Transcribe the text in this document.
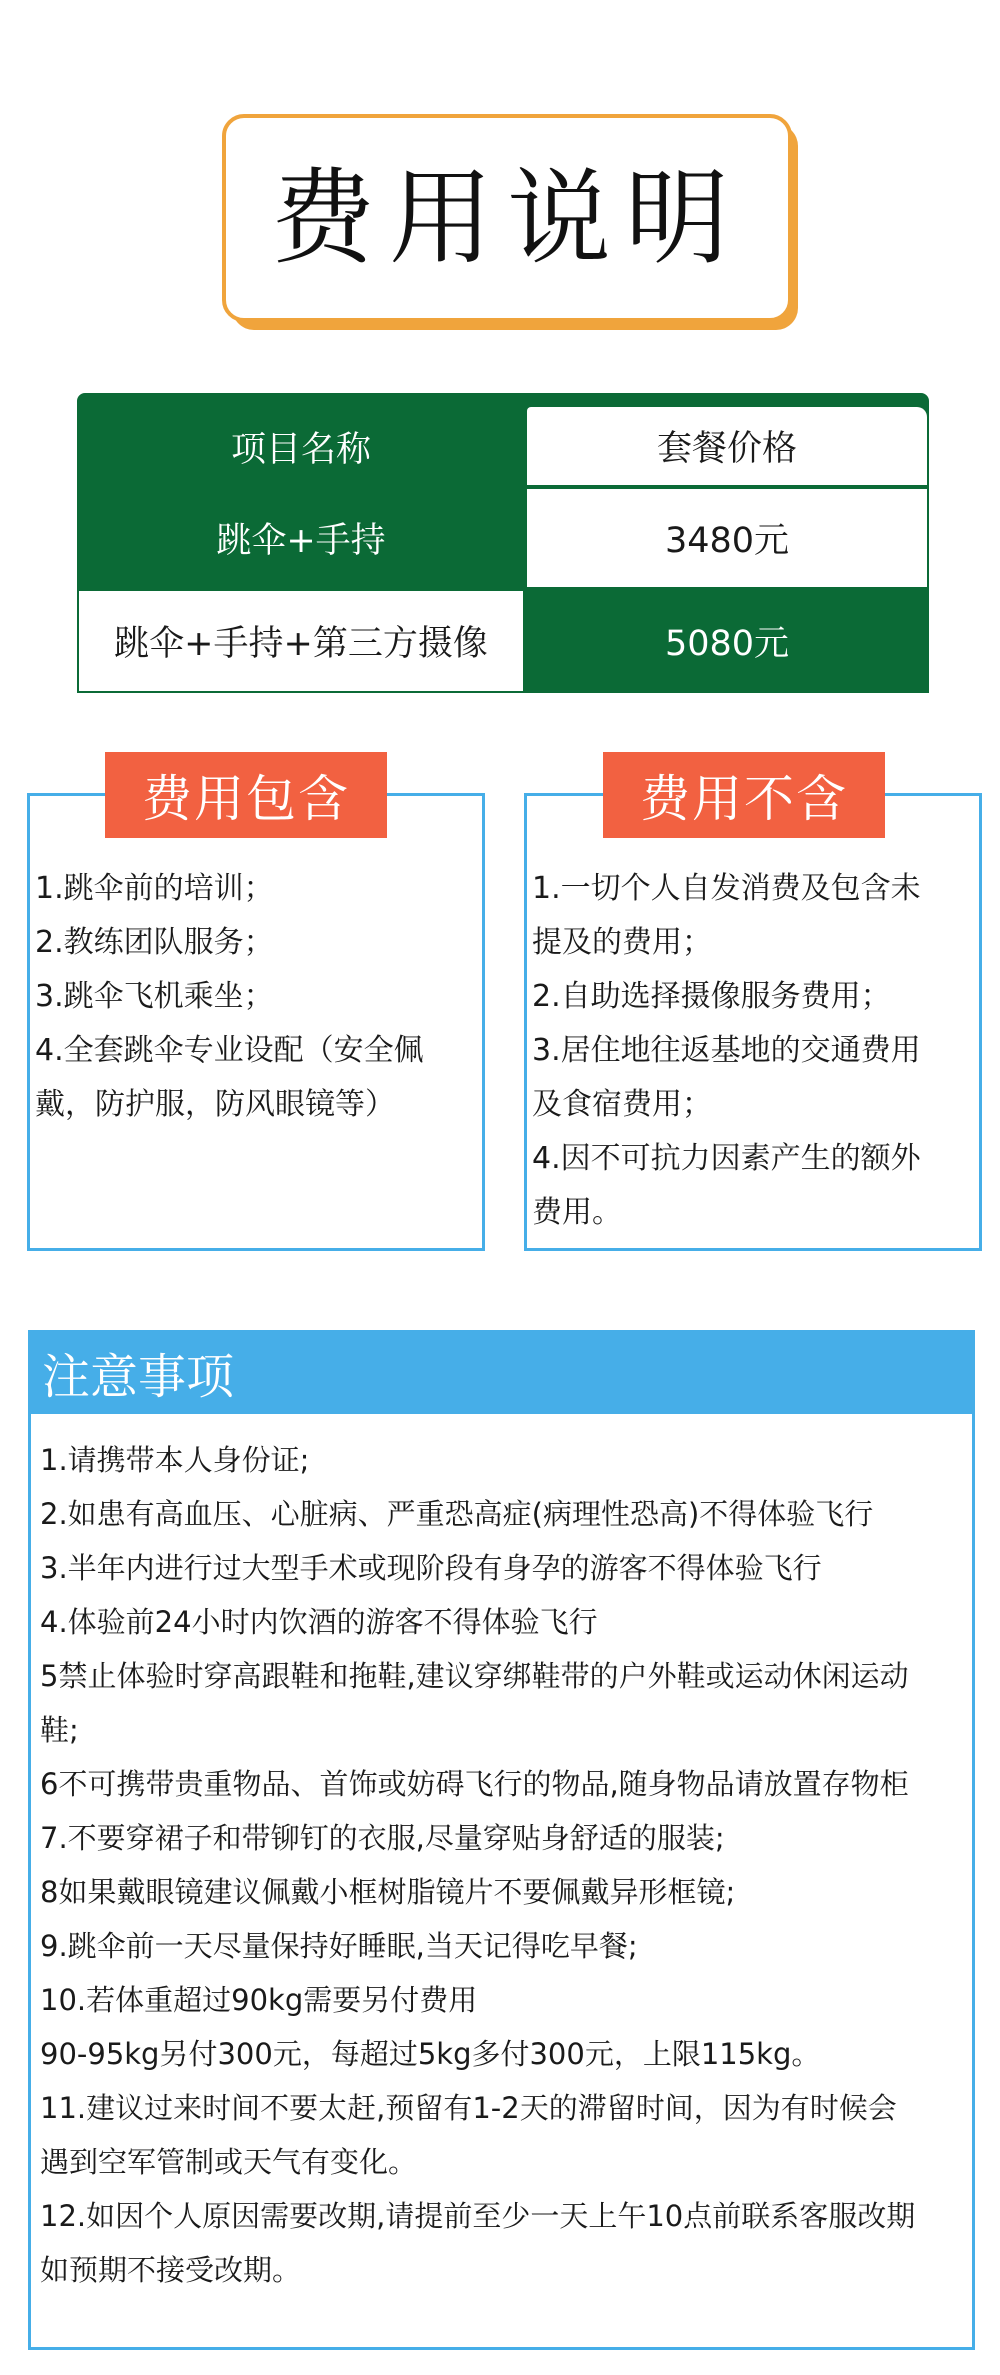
费用说明
项目名称	套餐价格
跳伞+手持	3480元
跳伞+手持+第三方摄像	5080元
费用包含
1.跳伞前的培训；
2.教练团队服务；
3.跳伞飞机乘坐；
4.全套跳伞专业设配（安全佩
戴，防护服，防风眼镜等）
费用不含
1.一切个人自发消费及包含未
提及的费用；
2.自助选择摄像服务费用；
3.居住地往返基地的交通费用
及食宿费用；
4.因不可抗力因素产生的额外
费用。
注意事项
1.请携带本人身份证;
2.如患有高血压、心脏病、严重恐高症(病理性恐高)不得体验飞行
3.半年内进行过大型手术或现阶段有身孕的游客不得体验飞行
4.体验前24小时内饮酒的游客不得体验飞行
5禁止体验时穿高跟鞋和拖鞋,建议穿绑鞋带的户外鞋或运动休闲运动
鞋;
6不可携带贵重物品、首饰或妨碍飞行的物品,随身物品请放置存物柜
7.不要穿裙子和带铆钉的衣服,尽量穿贴身舒适的服装;
8如果戴眼镜建议佩戴小框树脂镜片不要佩戴异形框镜;
9.跳伞前一天尽量保持好睡眠,当天记得吃早餐;
10.若体重超过90kg需要另付费用
90-95kg另付300元，每超过5kg多付300元，上限115kg。
11.建议过来时间不要太赶,预留有1-2天的滞留时间，因为有时候会
遇到空军管制或天气有变化。
12.如因个人原因需要改期,请提前至少一天上午10点前联系客服改期
如预期不接受改期。
